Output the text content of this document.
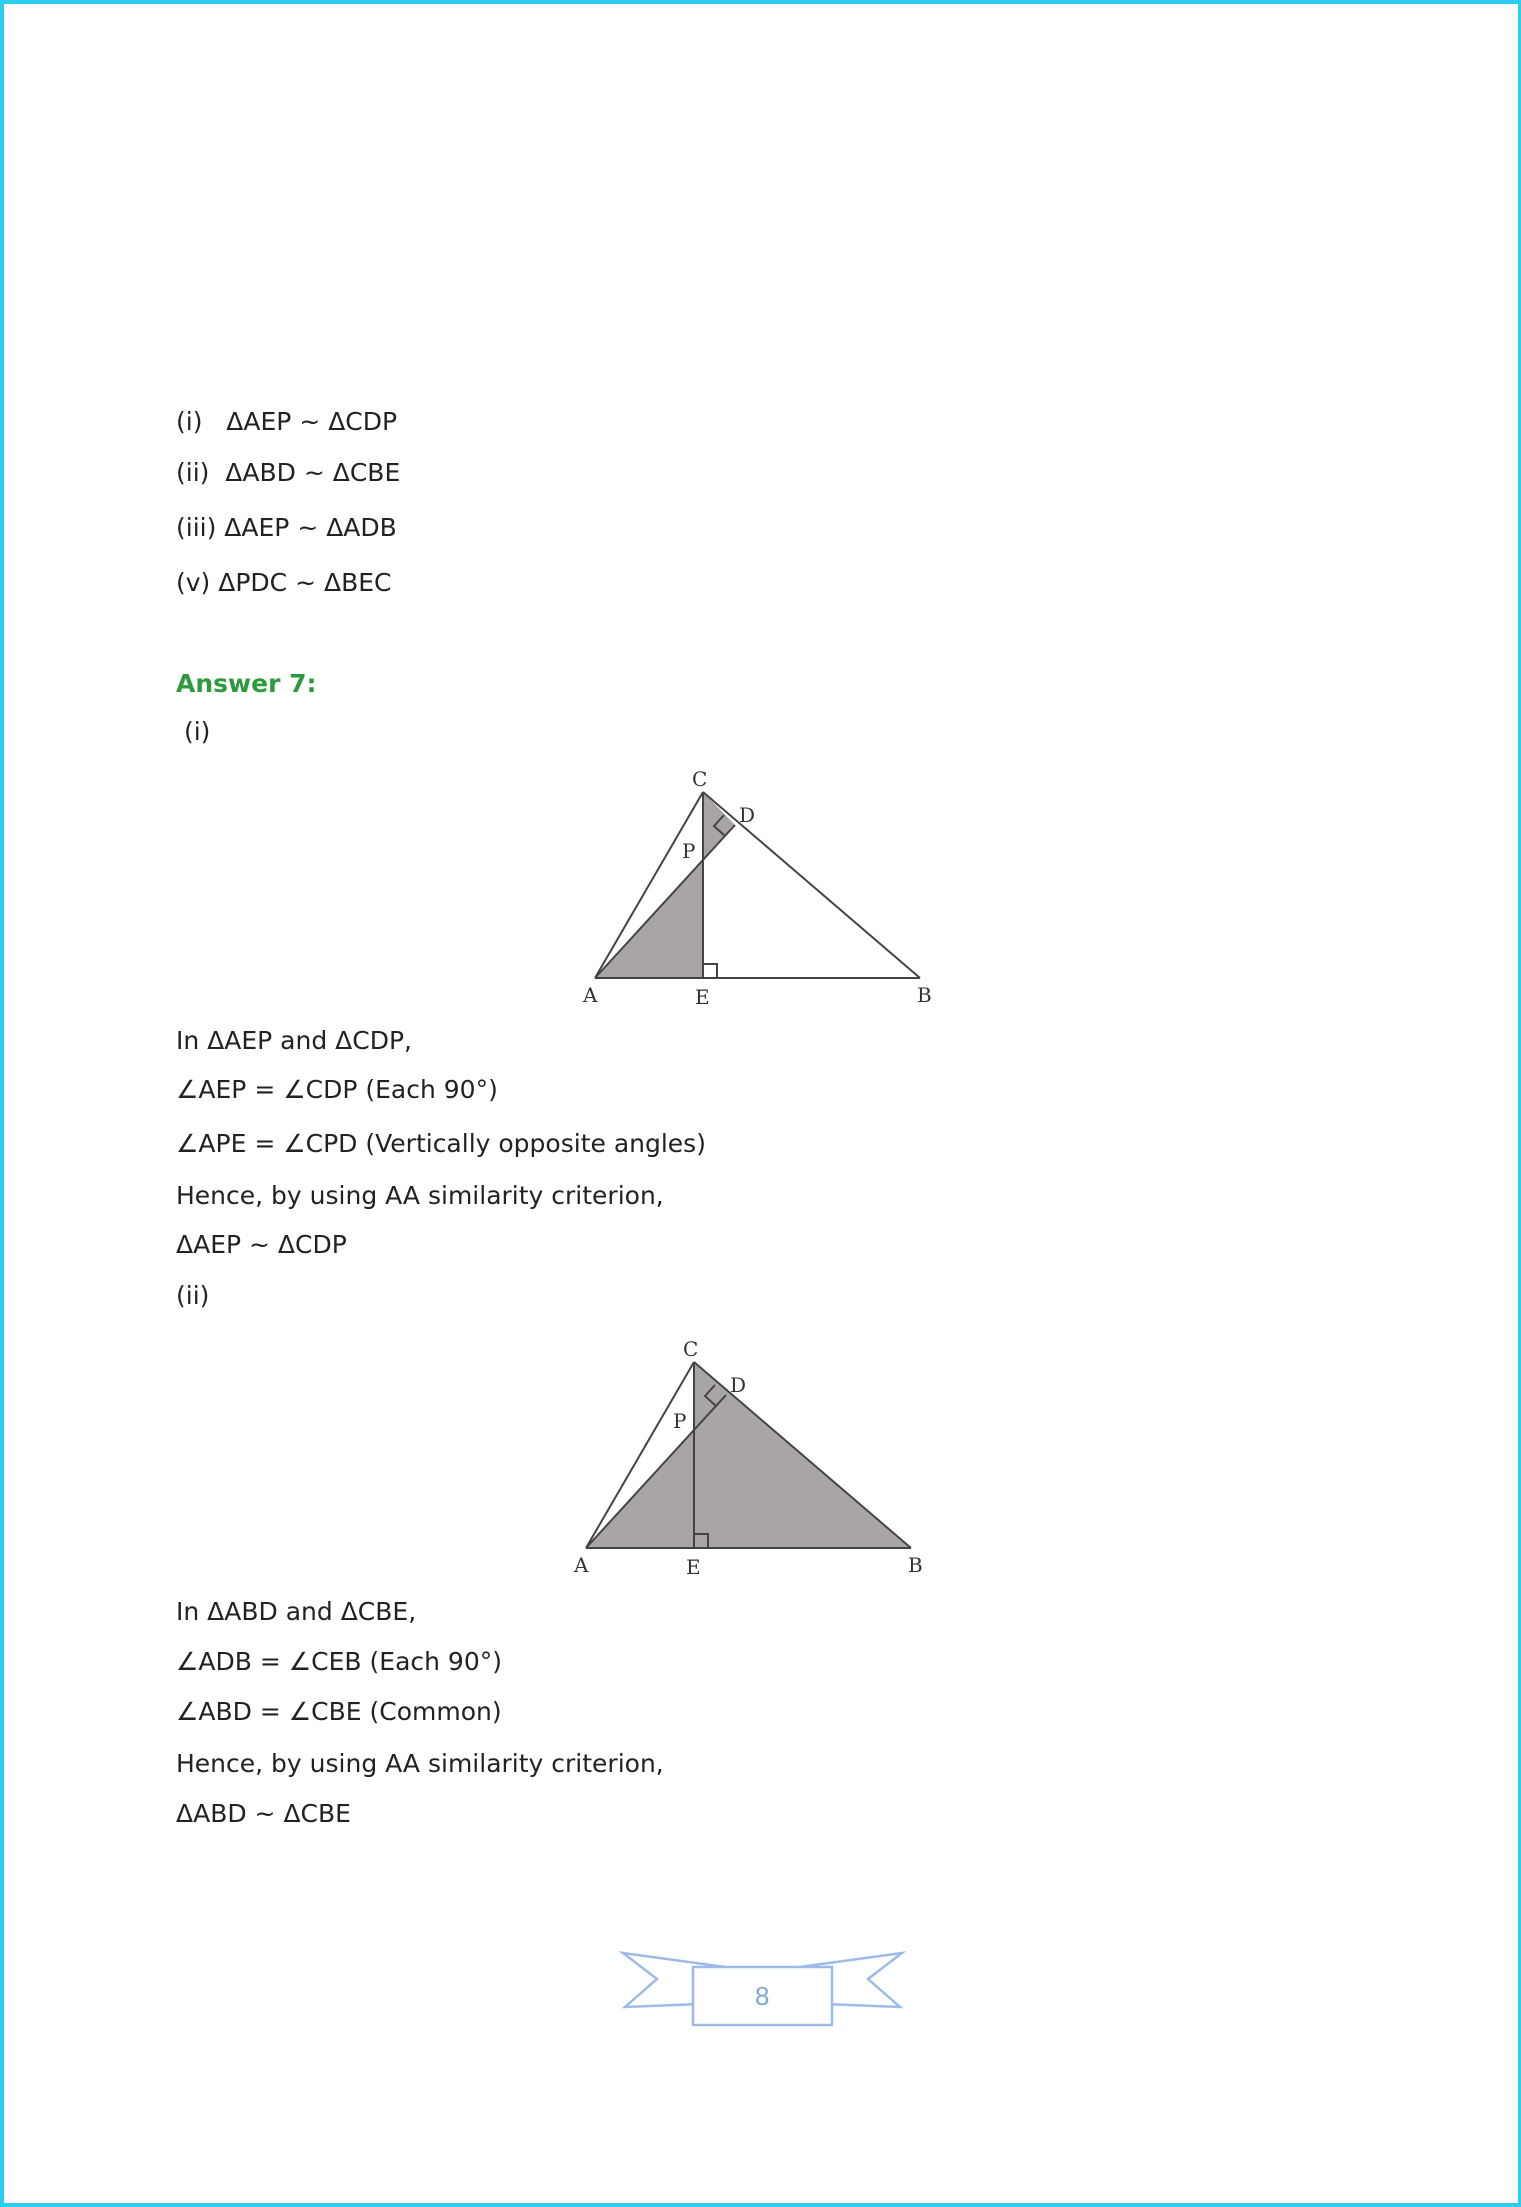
(i)   ΔAEP ~ ΔCDP
(ii)  ΔABD ~ ΔCBE
(iii) ΔAEP ~ ΔADB
(v) ΔPDC ~ ΔBEC
Answer 7:
(i)
C
D
P
A	E	B
In ΔAEP and ΔCDP,
∠AEP = ∠CDP (Each 90°)
∠APE = ∠CPD (Vertically opposite angles)
Hence, by using AA similarity criterion,
ΔAEP ~ ΔCDP
(ii)
C
D
P
A	E	B
In ΔABD and ΔCBE,
∠ADB = ∠CEB (Each 90°)
∠ABD = ∠CBE (Common)
Hence, by using AA similarity criterion,
ΔABD ~ ΔCBE
8
